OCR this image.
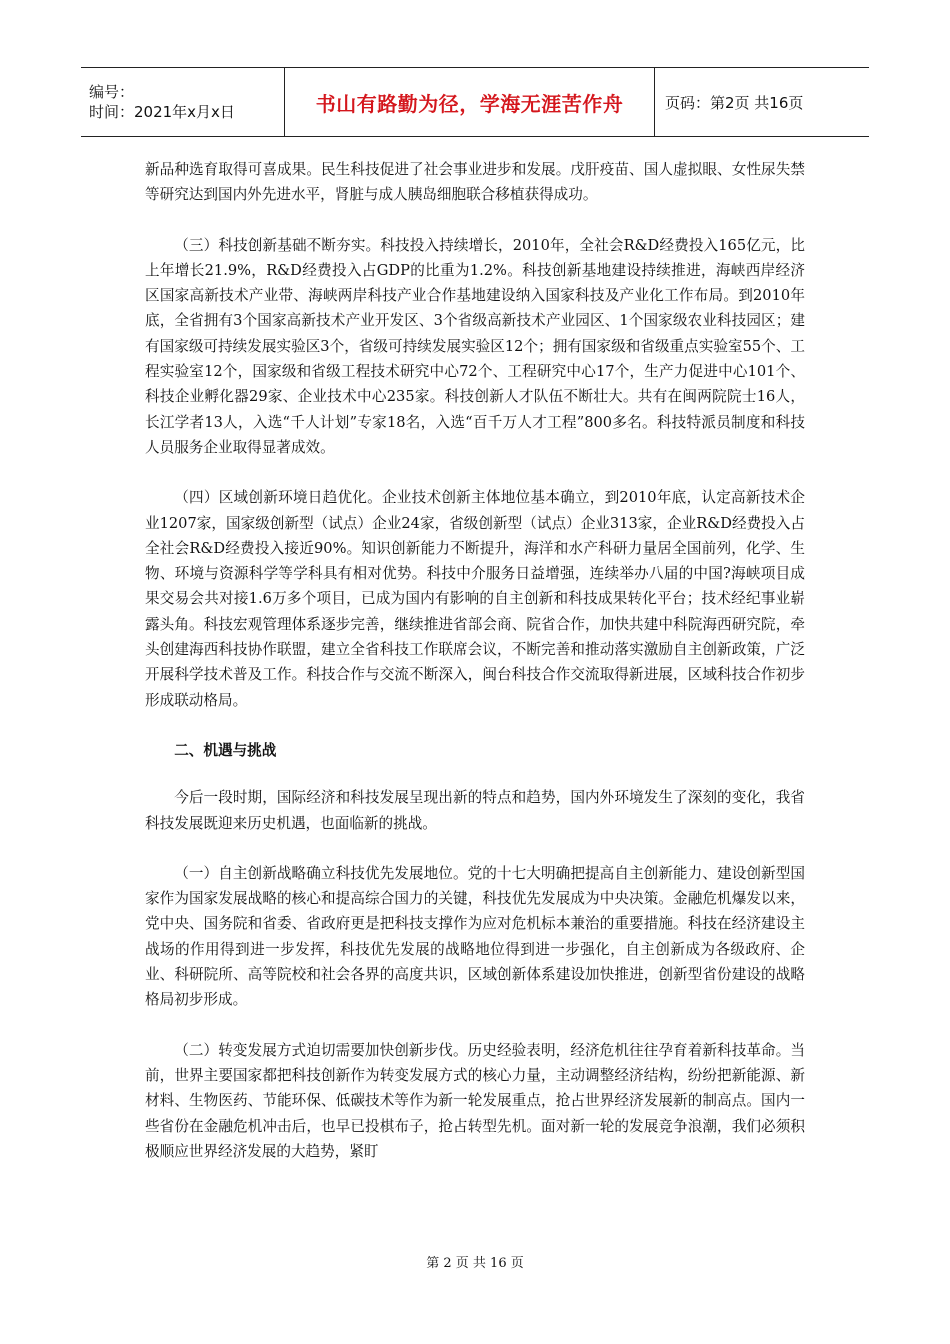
编号：
时间：2021年x月x日	书山有路勤为径，学海无涯苦作舟	页码：第2页 共16页

新品种选育取得可喜成果。民生科技促进了社会事业进步和发展。戊肝疫苗、国人虚拟眼、女性尿失禁等研究达到国内外先进水平，肾脏与成人胰岛细胞联合移植获得成功。

（三）科技创新基础不断夯实。科技投入持续增长，2010年，全社会R&D经费投入165亿元，比上年增长21.9%，R&D经费投入占GDP的比重为1.2%。科技创新基地建设持续推进，海峡西岸经济区国家高新技术产业带、海峡两岸科技产业合作基地建设纳入国家科技及产业化工作布局。到2010年底，全省拥有3个国家高新技术产业开发区、3个省级高新技术产业园区、1个国家级农业科技园区；建有国家级可持续发展实验区3个，省级可持续发展实验区12个；拥有国家级和省级重点实验室55个、工程实验室12个，国家级和省级工程技术研究中心72个、工程研究中心17个，生产力促进中心101个、科技企业孵化器29家、企业技术中心235家。科技创新人才队伍不断壮大。共有在闽两院院士16人，长江学者13人，入选“千人计划”专家18名，入选“百千万人才工程”800多名。科技特派员制度和科技人员服务企业取得显著成效。

（四）区域创新环境日趋优化。企业技术创新主体地位基本确立，到2010年底，认定高新技术企业1207家，国家级创新型（试点）企业24家，省级创新型（试点）企业313家，企业R&D经费投入占全社会R&D经费投入接近90%。知识创新能力不断提升，海洋和水产科研力量居全国前列，化学、生物、环境与资源科学等学科具有相对优势。科技中介服务日益增强，连续举办八届的中国?海峡项目成果交易会共对接1.6万多个项目，已成为国内有影响的自主创新和科技成果转化平台；技术经纪事业崭露头角。科技宏观管理体系逐步完善，继续推进省部会商、院省合作，加快共建中科院海西研究院，牵头创建海西科技协作联盟，建立全省科技工作联席会议，不断完善和推动落实激励自主创新政策，广泛开展科学技术普及工作。科技合作与交流不断深入，闽台科技合作交流取得新进展，区域科技合作初步形成联动格局。

二、机遇与挑战

今后一段时期，国际经济和科技发展呈现出新的特点和趋势，国内外环境发生了深刻的变化，我省科技发展既迎来历史机遇，也面临新的挑战。

（一）自主创新战略确立科技优先发展地位。党的十七大明确把提高自主创新能力、建设创新型国家作为国家发展战略的核心和提高综合国力的关键，科技优先发展成为中央决策。金融危机爆发以来，党中央、国务院和省委、省政府更是把科技支撑作为应对危机标本兼治的重要措施。科技在经济建设主战场的作用得到进一步发挥，科技优先发展的战略地位得到进一步强化，自主创新成为各级政府、企业、科研院所、高等院校和社会各界的高度共识，区域创新体系建设加快推进，创新型省份建设的战略格局初步形成。

（二）转变发展方式迫切需要加快创新步伐。历史经验表明，经济危机往往孕育着新科技革命。当前，世界主要国家都把科技创新作为转变发展方式的核心力量，主动调整经济结构，纷纷把新能源、新材料、生物医药、节能环保、低碳技术等作为新一轮发展重点，抢占世界经济发展新的制高点。国内一些省份在金融危机冲击后，也早已投棋布子，抢占转型先机。面对新一轮的发展竞争浪潮，我们必须积极顺应世界经济发展的大趋势，紧盯

第 2 页 共 16 页
